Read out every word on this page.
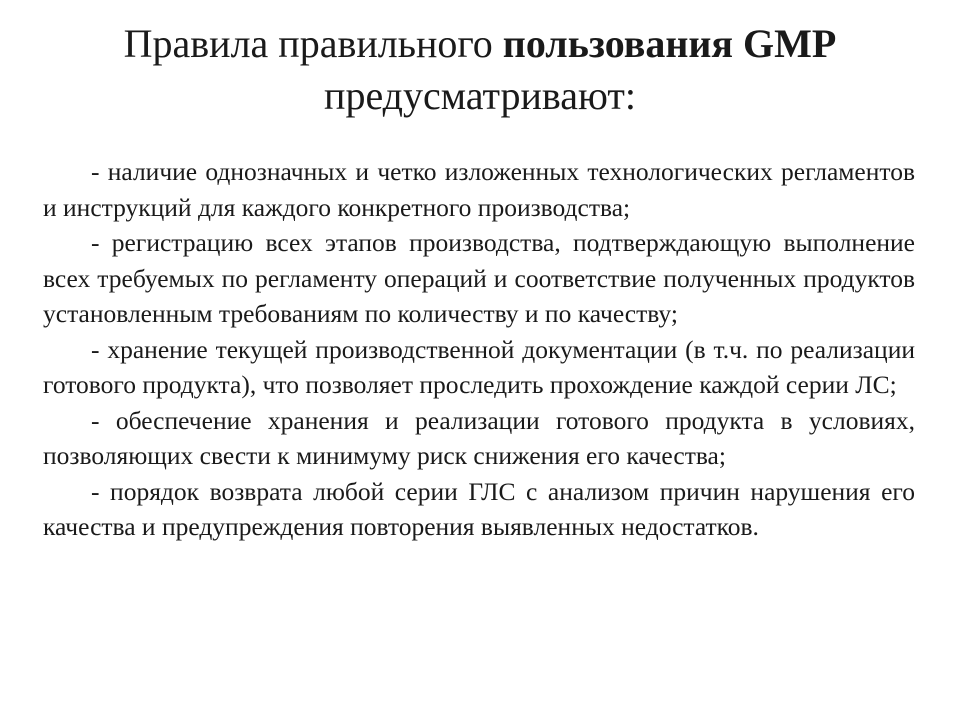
Правила правильного пользования GMP
предусматривают:

- наличие однозначных и четко изложенных технологических регламентов и инструкций для каждого конкретного производства;

- регистрацию всех этапов производства, подтверждающую выполнение всех требуемых по регламенту операций и соответствие полученных продуктов установленным требованиям по количеству и по качеству;

- хранение текущей производственной документации (в т.ч. по реализации готового продукта), что позволяет проследить прохождение каждой серии ЛС;

- обеспечение хранения и реализации готового продукта в условиях, позволяющих свести к минимуму риск снижения его качества;

- порядок возврата любой серии ГЛС с анализом причин нарушения его качества и предупреждения повторения выявленных недостатков.
